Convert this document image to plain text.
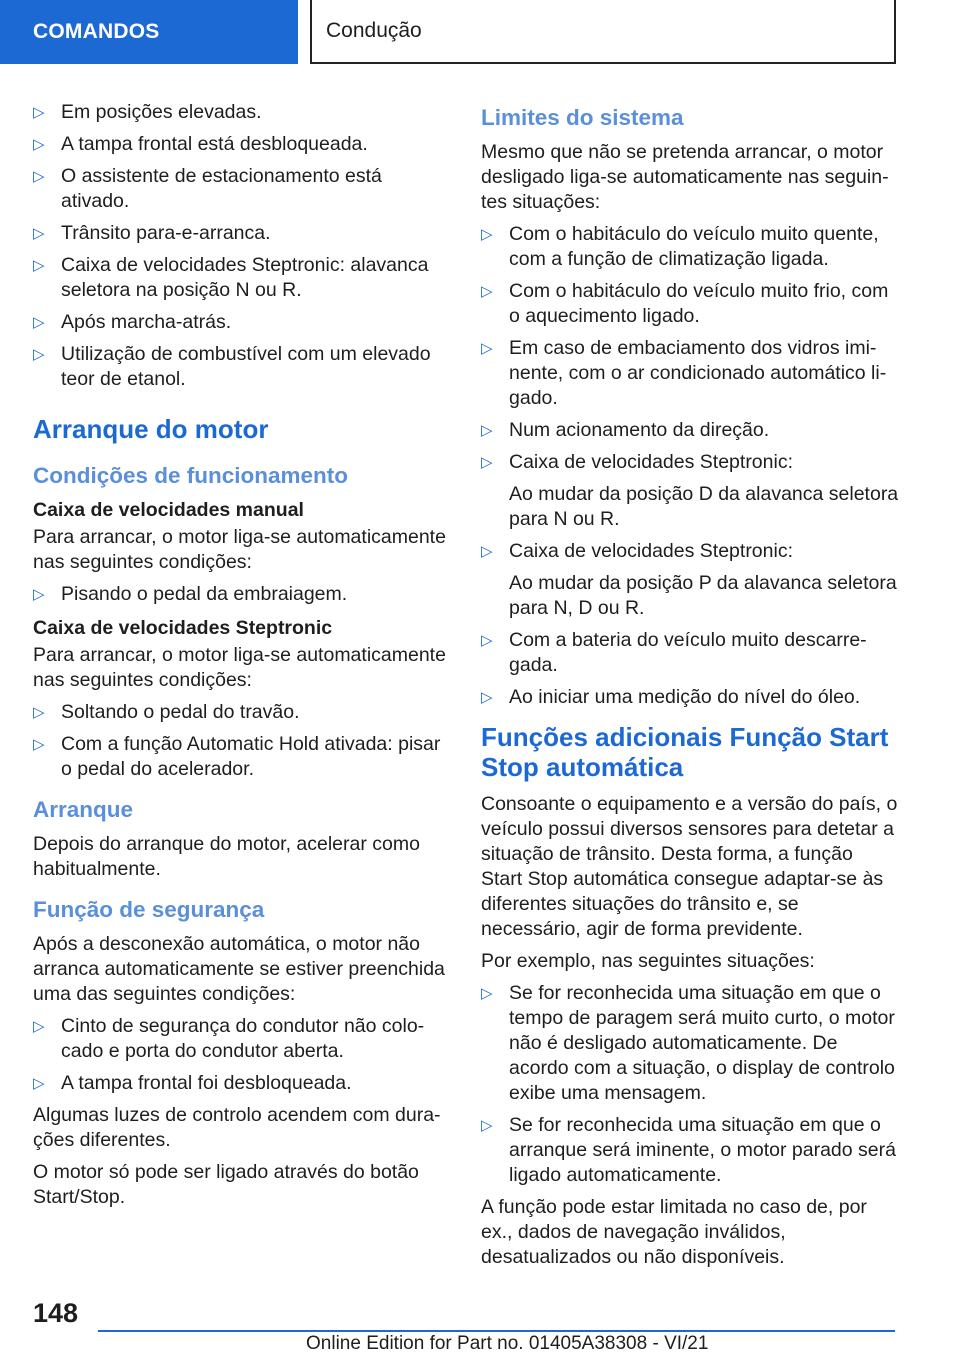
COMANDOS	Condução
▷ Em posições elevadas.
▷ A tampa frontal está desbloqueada.
▷ O assistente de estacionamento está ativado.
▷ Trânsito para-e-arranca.
▷ Caixa de velocidades Steptronic: alavanca seletora na posição N ou R.
▷ Após marcha-atrás.
▷ Utilização de combustível com um elevado teor de etanol.
Arranque do motor
Condições de funcionamento
Caixa de velocidades manual

Para arrancar, o motor liga-se automaticamente nas seguintes condições:

▷ Pisando o pedal da embraiagem.
Caixa de velocidades Steptronic

Para arrancar, o motor liga-se automaticamente nas seguintes condições:

▷ Soltando o pedal do travão.
▷ Com a função Automatic Hold ativada: pisar o pedal do acelerador.
Arranque

Depois do arranque do motor, acelerar como habitualmente.

Função de segurança

Após a desconexão automática, o motor não arranca automaticamente se estiver preenchida uma das seguintes condições:

▷ Cinto de segurança do condutor não colocado e porta do condutor aberta.
▷ A tampa frontal foi desbloqueada.

Algumas luzes de controlo acendem com durações diferentes.

O motor só pode ser ligado através do botão Start/Stop.

Limites do sistema

Mesmo que não se pretenda arrancar, o motor desligado liga-se automaticamente nas seguintes situações:

▷ Com o habitáculo do veículo muito quente, com a função de climatização ligada.
▷ Com o habitáculo do veículo muito frio, com o aquecimento ligado.
▷ Em caso de embaciamento dos vidros iminente, com o ar condicionado automático ligado.
▷ Num acionamento da direção.
▷ Caixa de velocidades Steptronic:
Ao mudar da posição D da alavanca seletora para N ou R.
▷ Caixa de velocidades Steptronic:
Ao mudar da posição P da alavanca seletora para N, D ou R.
▷ Com a bateria do veículo muito descarregada.
▷ Ao iniciar uma medição do nível do óleo.
Funções adicionais Função Start Stop automática

Consoante o equipamento e a versão do país, o veículo possui diversos sensores para detetar a situação de trânsito. Desta forma, a função Start Stop automática consegue adaptar-se às diferentes situações do trânsito e, se necessário, agir de forma previdente.

Por exemplo, nas seguintes situações:

▷ Se for reconhecida uma situação em que o tempo de paragem será muito curto, o motor não é desligado automaticamente. De acordo com a situação, o display de controlo exibe uma mensagem.
▷ Se for reconhecida uma situação em que o arranque será iminente, o motor parado será ligado automaticamente.

A função pode estar limitada no caso de, por ex., dados de navegação inválidos, desatualizados ou não disponíveis.

148
Online Edition for Part no. 01405A38308 - VI/21
